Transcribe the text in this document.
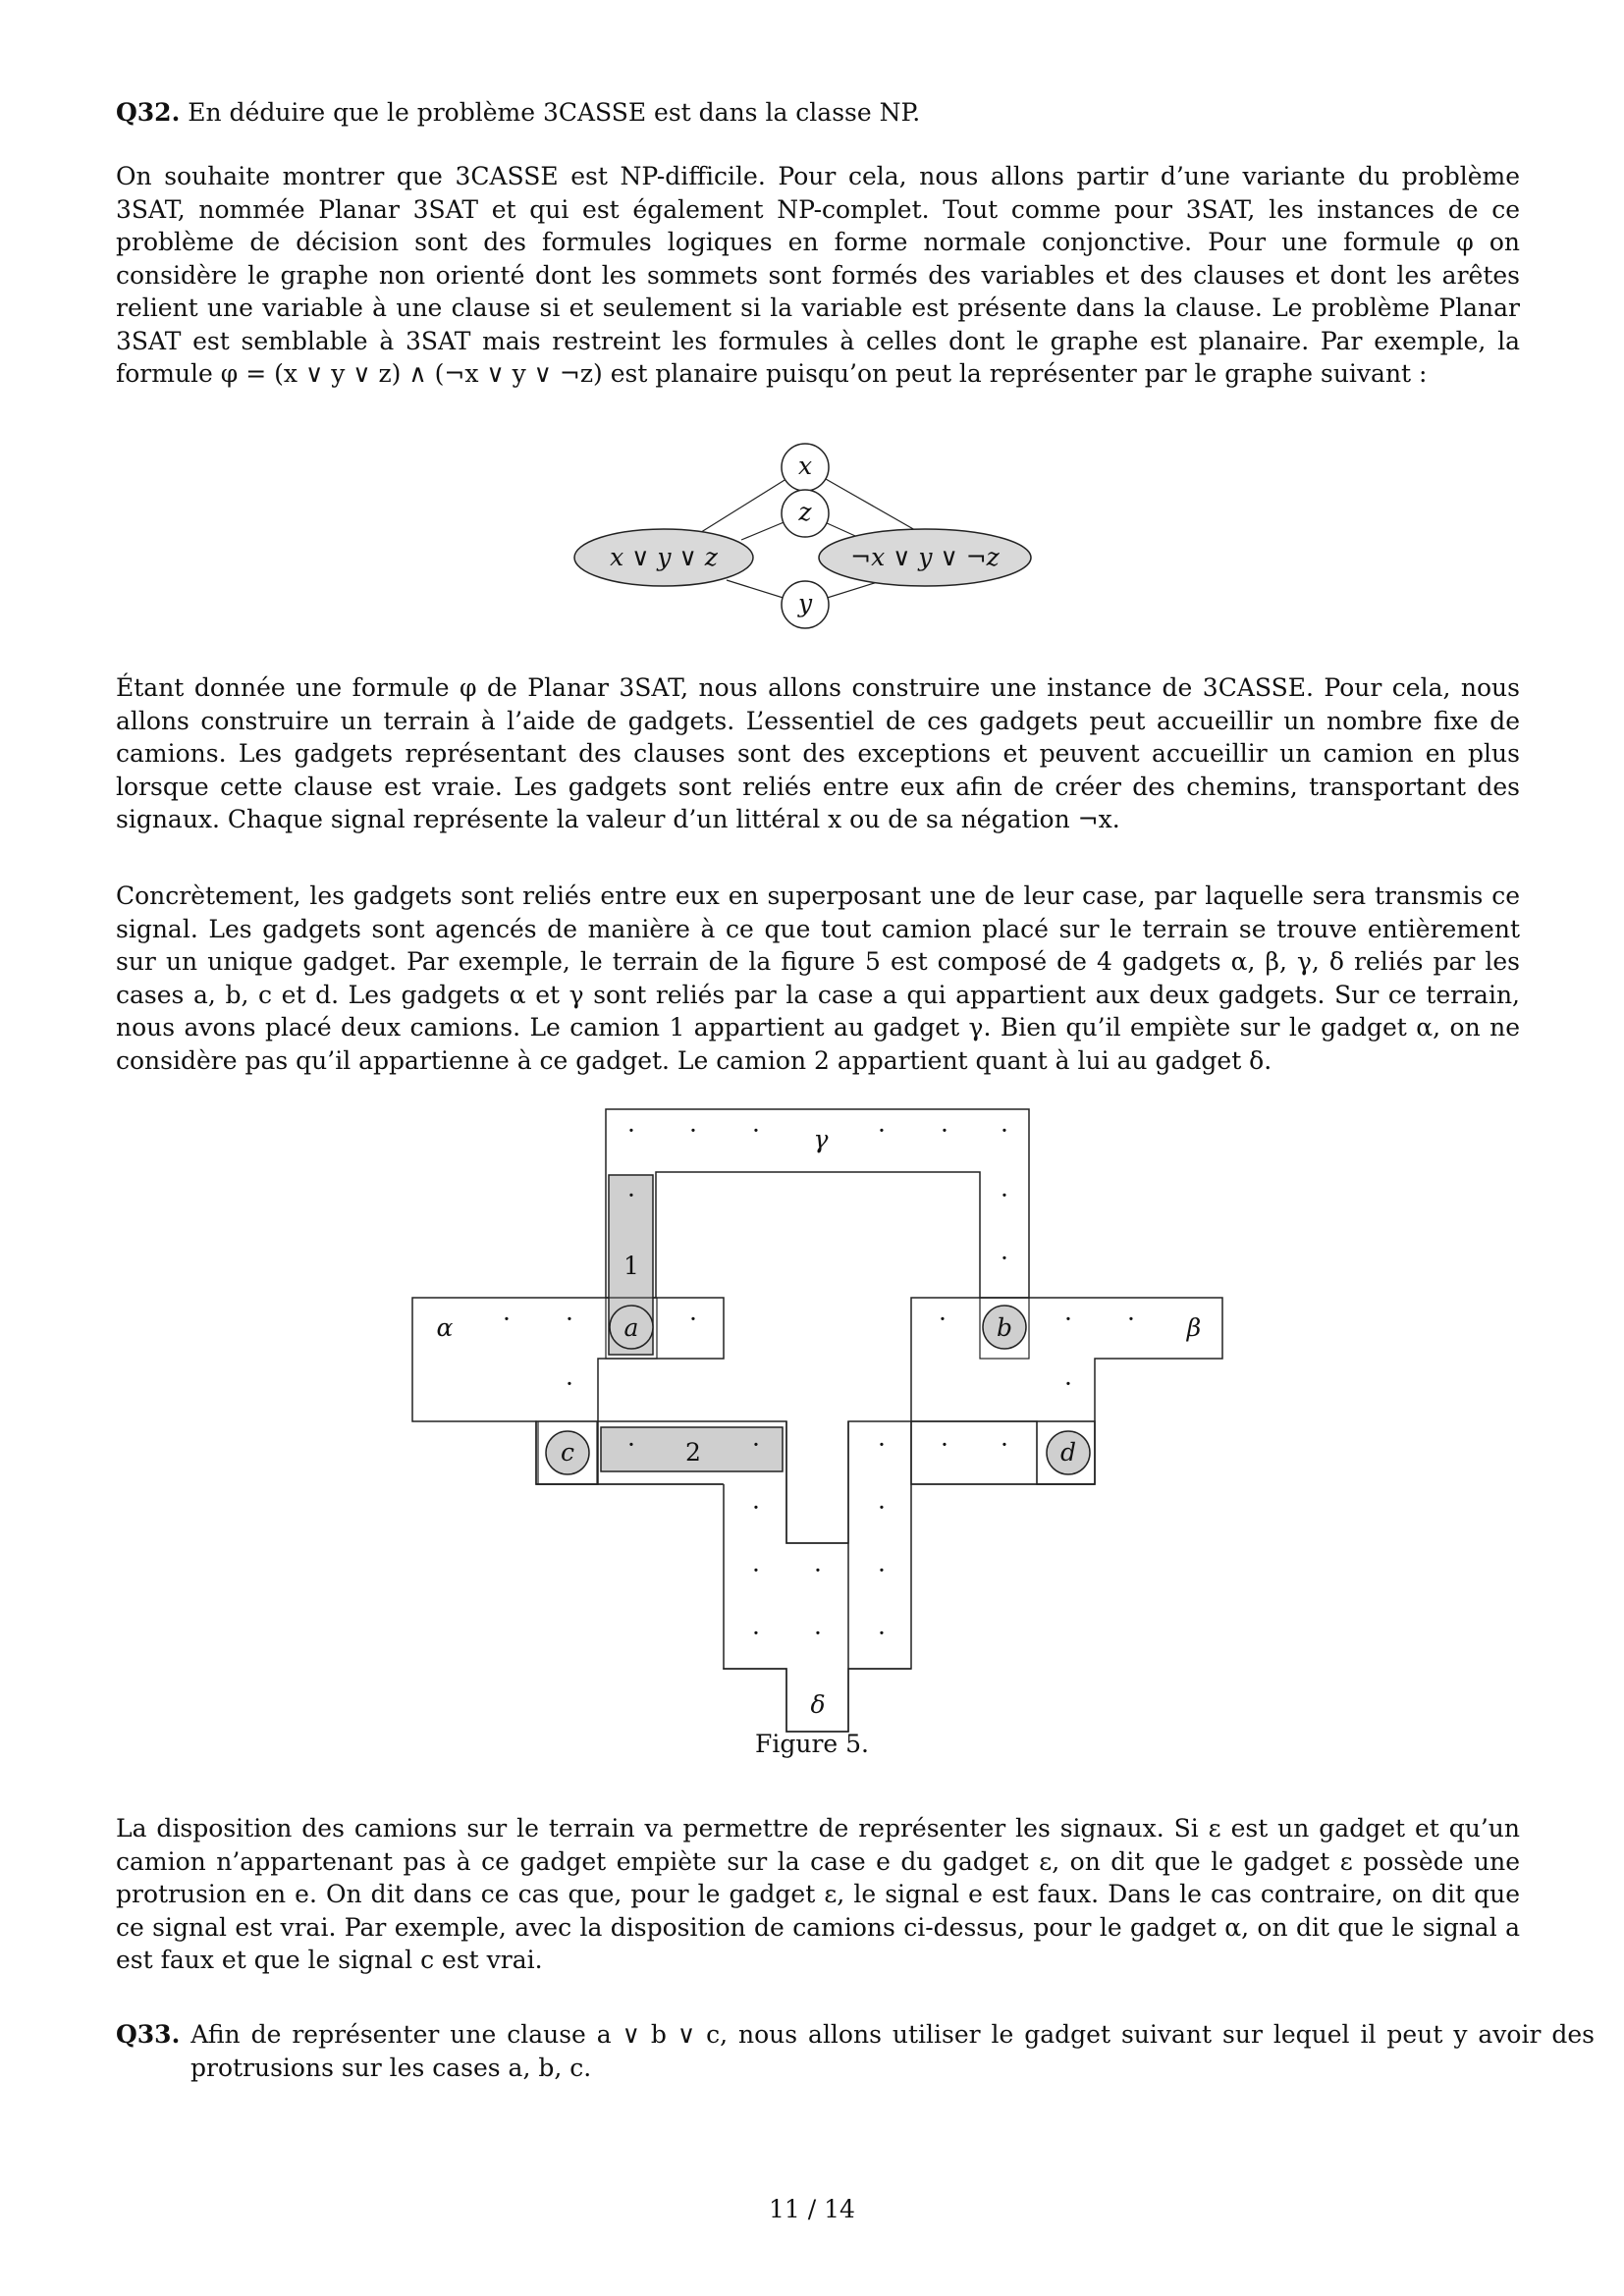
Q32. En déduire que le problème 3CASSE est dans la classe NP.

On souhaite montrer que 3CASSE est NP-difficile. Pour cela, nous allons partir d’une variante du problème 3SAT, nommée Planar 3SAT et qui est également NP-complet. Tout comme pour 3SAT, les instances de ce problème de décision sont des formules logiques en forme normale conjonctive. Pour une formule φ on considère le graphe non orienté dont les sommets sont formés des variables et des clauses et dont les arêtes relient une variable à une clause si et seulement si la variable est présente dans la clause. Le problème Planar 3SAT est semblable à 3SAT mais restreint les formules à celles dont le graphe est planaire. Par exemple, la formule φ = (x ∨ y ∨ z) ∧ (¬x ∨ y ∨ ¬z) est planaire puisqu’on peut la représenter par le graphe suivant :

x
z
y
x ∨ y ∨ z	¬x ∨ y ∨ ¬z

Étant donnée une formule φ de Planar 3SAT, nous allons construire une instance de 3CASSE. Pour cela, nous allons construire un terrain à l’aide de gadgets. L’essentiel de ces gadgets peut accueillir un nombre fixe de camions. Les gadgets représentant des clauses sont des exceptions et peuvent accueillir un camion en plus lorsque cette clause est vraie. Les gadgets sont reliés entre eux afin de créer des chemins, transportant des signaux. Chaque signal représente la valeur d’un littéral x ou de sa négation ¬x.

Concrètement, les gadgets sont reliés entre eux en superposant une de leur case, par laquelle sera transmis ce signal. Les gadgets sont agencés de manière à ce que tout camion placé sur le terrain se trouve entièrement sur un unique gadget. Par exemple, le terrain de la figure 5 est composé de 4 gadgets α, β, γ, δ reliés par les cases a, b, c et d. Les gadgets α et γ sont reliés par la case a qui appartient aux deux gadgets. Sur ce terrain, nous avons placé deux camions. Le camion 1 appartient au gadget γ. Bien qu’il empiète sur le gadget α, on ne considère pas qu’il appartienne à ce gadget. Le camion 2 appartient quant à lui au gadget δ.

γ
α	β
δ
a	b
c	d
1
2
· · ·	· · ·
·	·
·
· ·	·	·	· ·
·	·
·	·	· · ·
·	·
· · ·
· · ·

Figure 5.

La disposition des camions sur le terrain va permettre de représenter les signaux. Si ε est un gadget et qu’un camion n’appartenant pas à ce gadget empiète sur la case e du gadget ε, on dit que le gadget ε possède une protrusion en e. On dit dans ce cas que, pour le gadget ε, le signal e est faux. Dans le cas contraire, on dit que ce signal est vrai. Par exemple, avec la disposition de camions ci-dessus, pour le gadget α, on dit que le signal a est faux et que le signal c est vrai.

Q33. Afin de représenter une clause a ∨ b ∨ c, nous allons utiliser le gadget suivant sur lequel il peut y avoir des protrusions sur les cases a, b, c.

11 / 14
